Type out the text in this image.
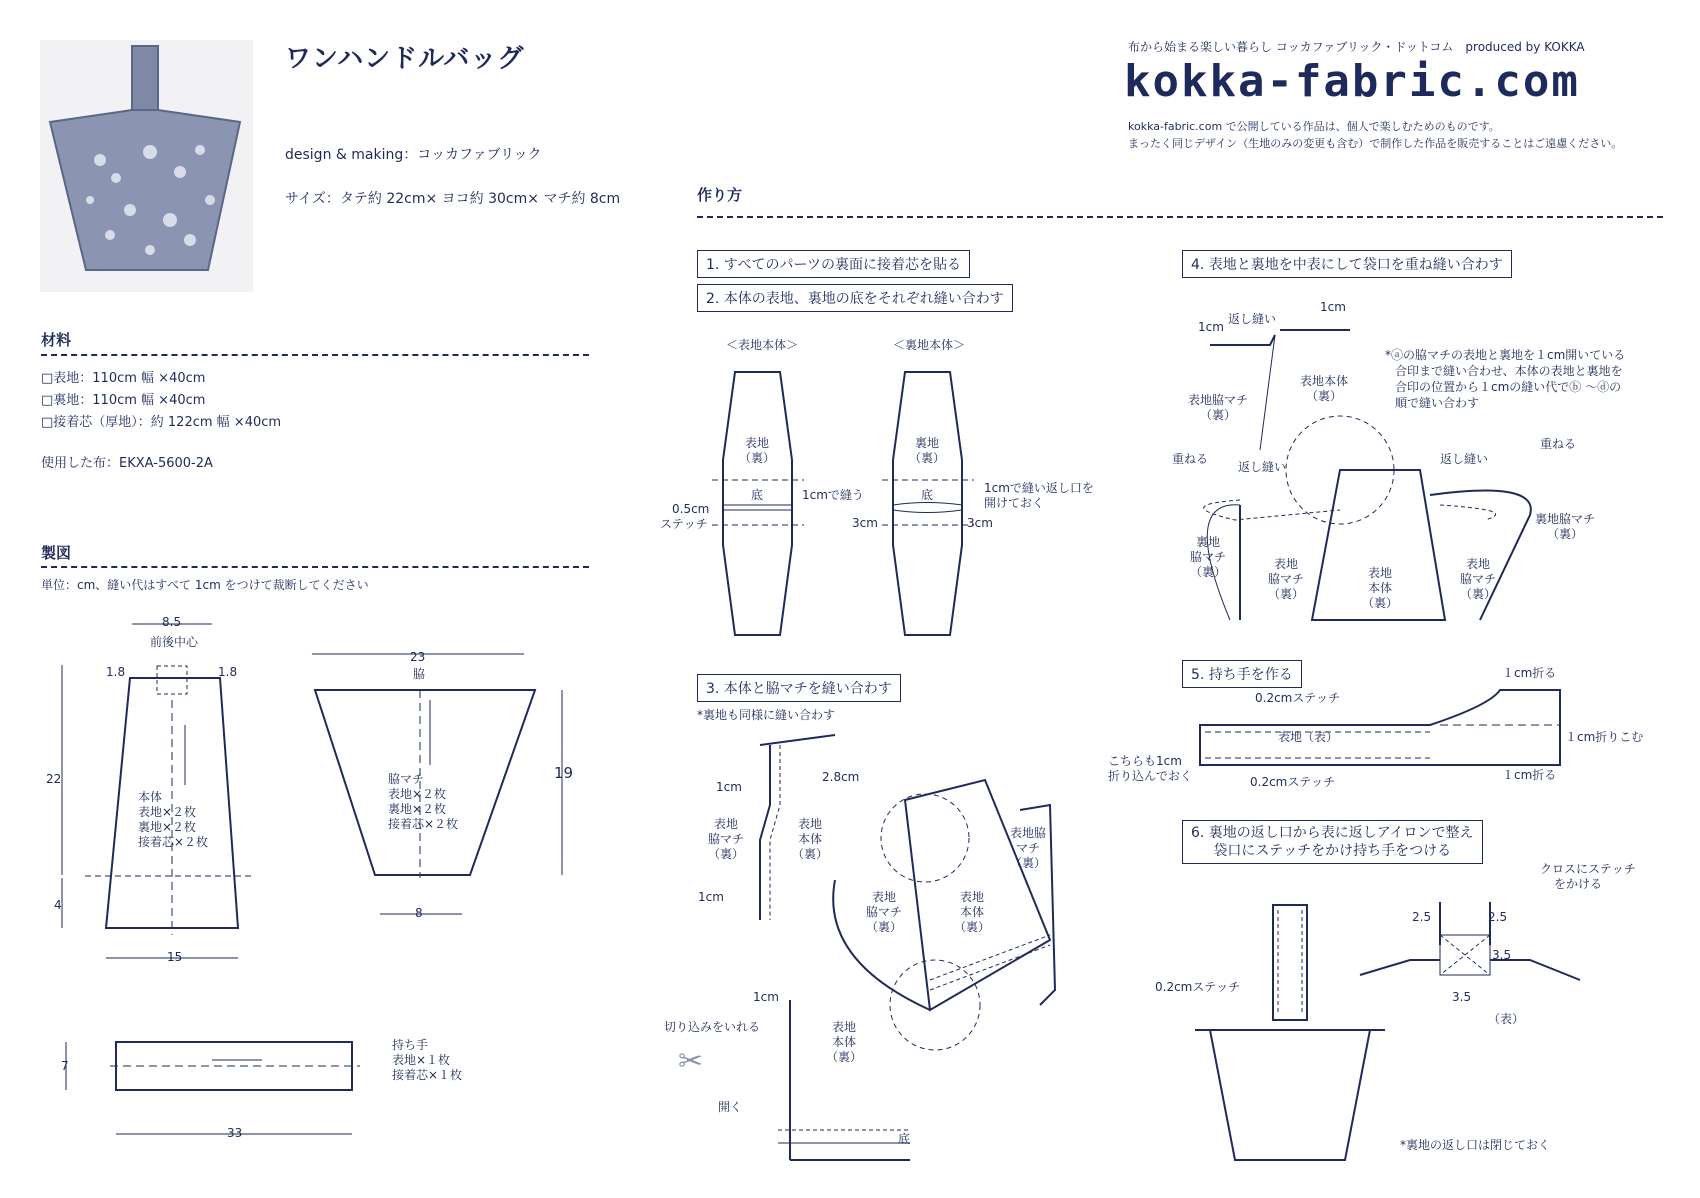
ワンハンドルバッグ
design & making：コッカファブリック
サイズ：タテ約 22cm× ヨコ約 30cm× マチ約 8cm
布から始まる楽しい暮らし コッカファブリック・ドットコム　produced by KOKKA
kokka-fabric.com
kokka-fabric.com で公開している作品は、個人で楽しむためのものです。
まったく同じデザイン（生地のみの変更も含む）で制作した作品を販売することはご遠慮ください。
材料
□表地：110cm 幅 ×40cm
□裏地：110cm 幅 ×40cm
□接着芯（厚地）：約 122cm 幅 ×40cm
使用した布：EKXA-5600-2A
製図
単位：cm、縫い代はすべて 1cm をつけて裁断してください
8.5
前後中心
1.8	1.8
22
4
15
本体
表地×２枚
裏地×２枚
接着芯×２枚
23
脇
19
8
脇マチ
表地×２枚
裏地×２枚
接着芯×２枚
7
33
持ち手
表地×１枚
接着芯×１枚
作り方
1. すべてのパーツの裏面に接着芯を貼る
2. 本体の表地、裏地の底をそれぞれ縫い合わす
＜表地本体＞	＜裏地本体＞
表地
（裏）
裏地
（裏）
底	底
0.5cm
ステッチ
1cmで縫う	1cmで縫い返し口を
開けておく
3cm	3cm
3. 本体と脇マチを縫い合わす
*裏地も同様に縫い合わす
1cm
2.8cm
1cm
表地
脇マチ
（裏）
表地
本体
（裏）
表地
脇マチ
（裏）
表地
本体
（裏）
表地脇
マチ
（裏）
1cm
切り込みをいれる
開く
底
表地
本体
（裏）
✂
4. 表地と裏地を中表にして袋口を重ね縫い合わす
1cm
返し縫い
1cm
表地本体
（裏）
表地脇マチ
（裏）
*ⓐの脇マチの表地と裏地を１cm開いている
合印まで縫い合わせ、本体の表地と裏地を
合印の位置から１cmの縫い代でⓑ ～ⓓの
順で縫い合わす
重ねる
重ねる
返し縫い
返し縫い
裏地
脇マチ
（裏）
表地
脇マチ
（裏）
表地
本体
（裏）
表地
脇マチ
（裏）
裏地脇マチ
（裏）
5. 持ち手を作る
0.2cmステッチ
0.2cmステッチ
１cm折る
１cm折る
１cm折りこむ
こちらも1cm
折り込んでおく
表地（表）
6. 裏地の返し口から表に返しアイロンで整え
袋口にステッチをかけ持ち手をつける
0.2cmステッチ
クロスにステッチ
をかける
2.5	2.5
3.5
3.5
（表）
*裏地の返し口は閉じておく
